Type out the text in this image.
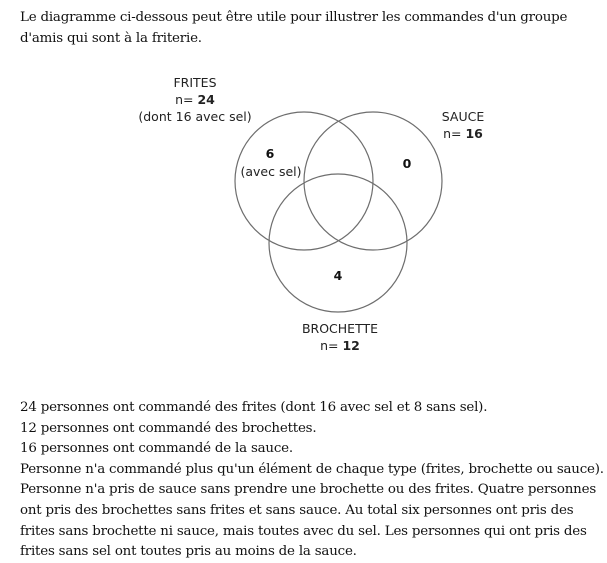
Le diagramme ci-dessous peut être utile pour illustrer les commandes d'un groupe d'amis qui sont à la friterie.
FRITES
n= 24
(dont 16 avec sel)	SAUCE
n= 16
BROCHETTE
n= 12
6
(avec sel)
0
4

24 personnes ont commandé des frites (dont 16 avec sel et 8 sans sel).

12 personnes ont commandé des brochettes.

16 personnes ont commandé de la sauce.

Personne n'a commandé plus qu'un élément de chaque type (frites, brochette ou sauce).

Personne n'a pris de sauce sans prendre une brochette ou des frites. Quatre personnes ont pris des brochettes sans frites et sans sauce. Au total six personnes ont pris des frites sans brochette ni sauce, mais toutes avec du sel. Les personnes qui ont pris des frites sans sel ont toutes pris au moins de la sauce.
